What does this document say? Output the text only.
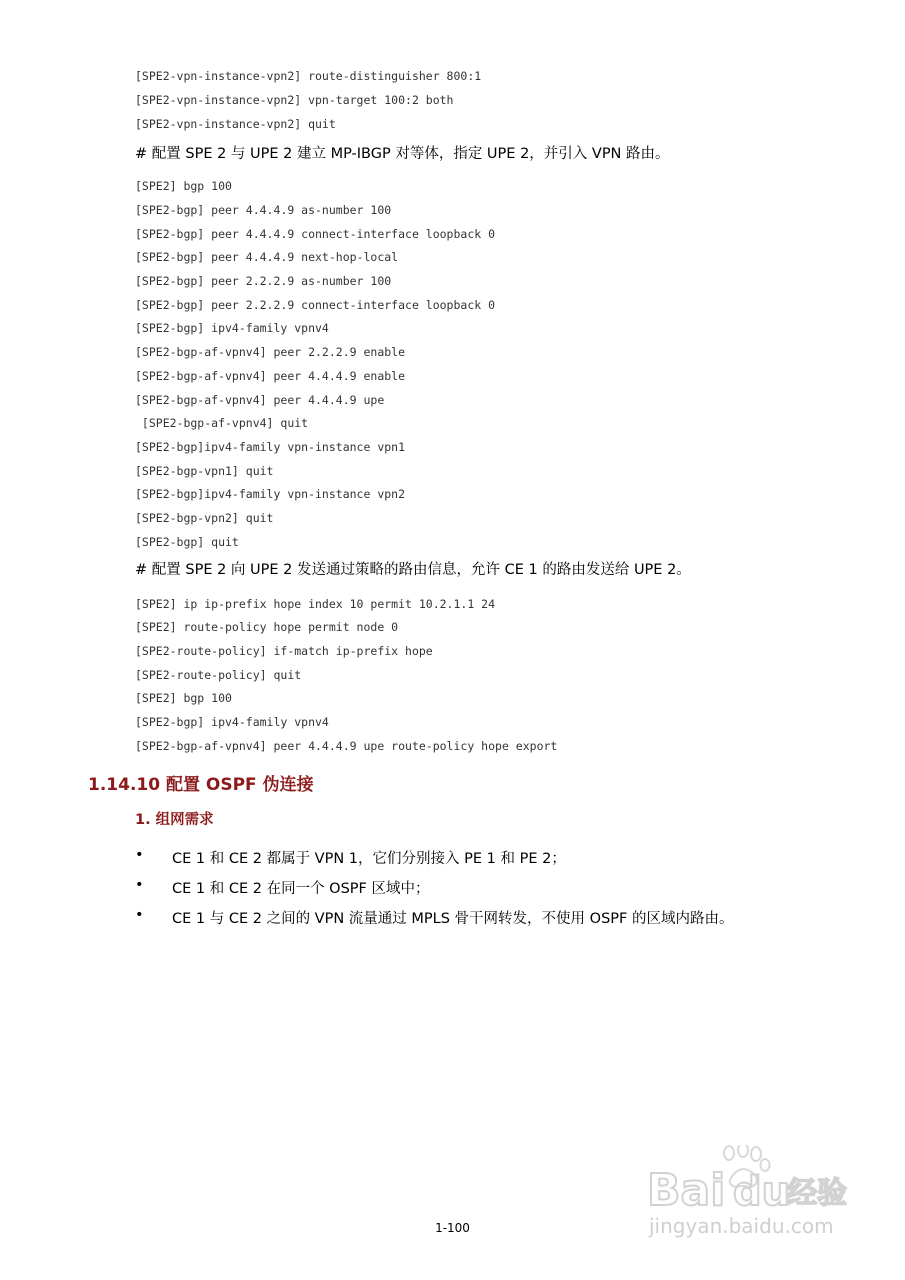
[SPE2-vpn-instance-vpn2] route-distinguisher 800:1
[SPE2-vpn-instance-vpn2] vpn-target 100:2 both
[SPE2-vpn-instance-vpn2] quit

# 配置 SPE 2 与 UPE 2 建立 MP-IBGP 对等体，指定 UPE 2，并引入 VPN 路由。

[SPE2] bgp 100
[SPE2-bgp] peer 4.4.4.9 as-number 100
[SPE2-bgp] peer 4.4.4.9 connect-interface loopback 0
[SPE2-bgp] peer 4.4.4.9 next-hop-local
[SPE2-bgp] peer 2.2.2.9 as-number 100
[SPE2-bgp] peer 2.2.2.9 connect-interface loopback 0
[SPE2-bgp] ipv4-family vpnv4
[SPE2-bgp-af-vpnv4] peer 2.2.2.9 enable
[SPE2-bgp-af-vpnv4] peer 4.4.4.9 enable
[SPE2-bgp-af-vpnv4] peer 4.4.4.9 upe
[SPE2-bgp-af-vpnv4] quit
[SPE2-bgp]ipv4-family vpn-instance vpn1
[SPE2-bgp-vpn1] quit
[SPE2-bgp]ipv4-family vpn-instance vpn2
[SPE2-bgp-vpn2] quit
[SPE2-bgp] quit

# 配置 SPE 2 向 UPE 2 发送通过策略的路由信息，允许 CE 1 的路由发送给 UPE 2。

[SPE2] ip ip-prefix hope index 10 permit 10.2.1.1 24
[SPE2] route-policy hope permit node 0
[SPE2-route-policy] if-match ip-prefix hope
[SPE2-route-policy] quit
[SPE2] bgp 100
[SPE2-bgp] ipv4-family vpnv4
[SPE2-bgp-af-vpnv4] peer 4.4.4.9 upe route-policy hope export
1.14.10 配置 OSPF 伪连接
1. 组网需求
• CE 1 和 CE 2 都属于 VPN 1，它们分别接入 PE 1 和 PE 2；
• CE 1 和 CE 2 在同一个 OSPF 区域中；
• CE 1 与 CE 2 之间的 VPN 流量通过 MPLS 骨干网转发，不使用 OSPF 的区域内路由。
Bai du
经验
jingyan.baidu.com
1-100
